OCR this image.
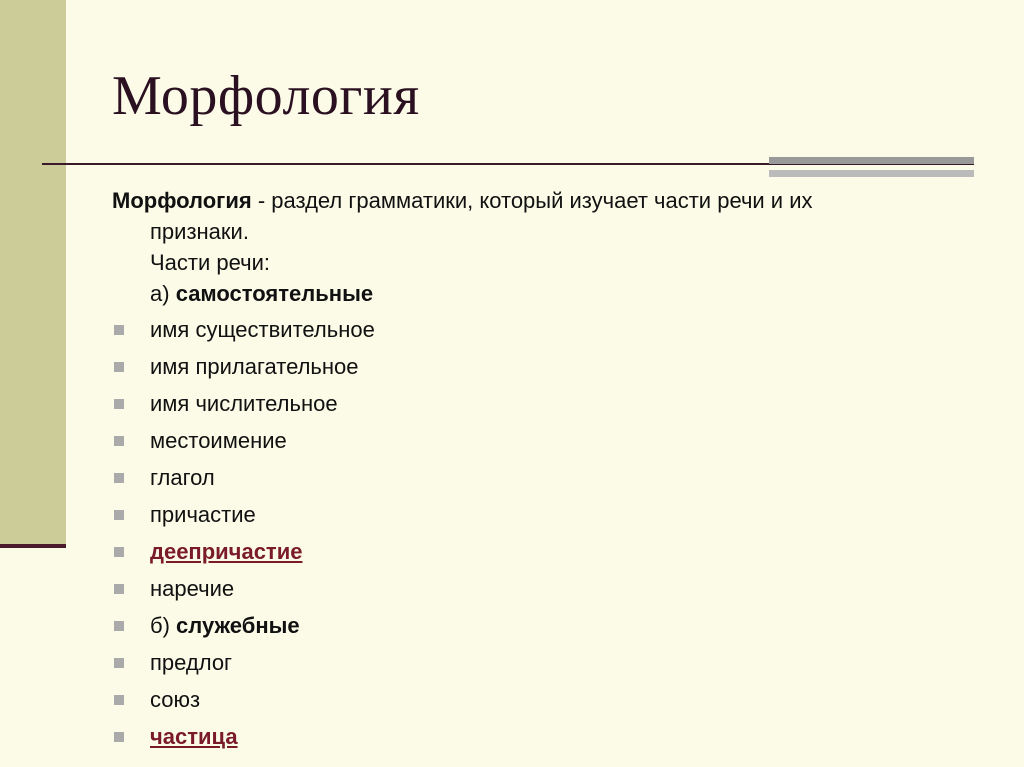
Морфология
Морфология - раздел грамматики, который изучает части речи и их
признаки.
Части речи:
а) самостоятельные
имя существительное
имя прилагательное
имя числительное
местоимение
глагол
причастие
деепричастие
наречие
б) служебные
предлог
союз
частица
